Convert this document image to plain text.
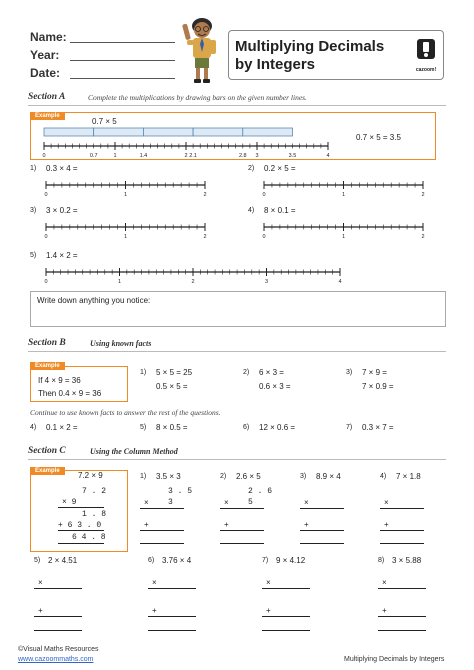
Name:
Year:
Date:
Multiplying Decimals
by Integers	cazoom!
Section A	Complete the multiplications by drawing bars on the given number lines.
Example
0.7 × 5
0.7 × 5 = 3.5
0	0.7	1	1.4	2 2.1	2.8 3	3.5	4
1) 0.3 × 4 =
0	1	2
2) 0.2 × 5 =
0	1	2
3) 3 × 0.2 =
0	1	2
4) 8 × 0.1 =
0	1	2
5) 1.4 × 2 =
0	1	2	3	4
Write down anything you notice:
Section B	Using known facts
Example
If 4 × 9 = 36
Then 0.4 × 9 = 36
1) 5 × 5 = 25
0.5 × 5 =
2) 6 × 3 =
0.6 × 3 =
3) 7 × 9 =
7 × 0.9 =
Continue to use known facts to answer the rest of the questions.
4) 0.1 × 2 =	5) 8 × 0.5 =	6) 12 × 0.6 =	7) 0.3 × 7 =
Section C	Using the Column Method
Example	7.2 × 9
7 . 2
× 9
1 . 8
+ 6 3 . 0
6 4 . 8
1) 3.5 × 3
3 . 5
× 3
+
2) 2.6 × 5
2 . 6
× 5
+
3) 8.9 × 4
×
+
4) 7 × 1.8
×
+
5) 2 × 4.51
×
+
6) 3.76 × 4
×
+
7) 9 × 4.12
×
+
8) 3 × 5.88
×
+
©Visual Maths Resources
www.cazoommaths.com	Multiplying Decimals by Integers
